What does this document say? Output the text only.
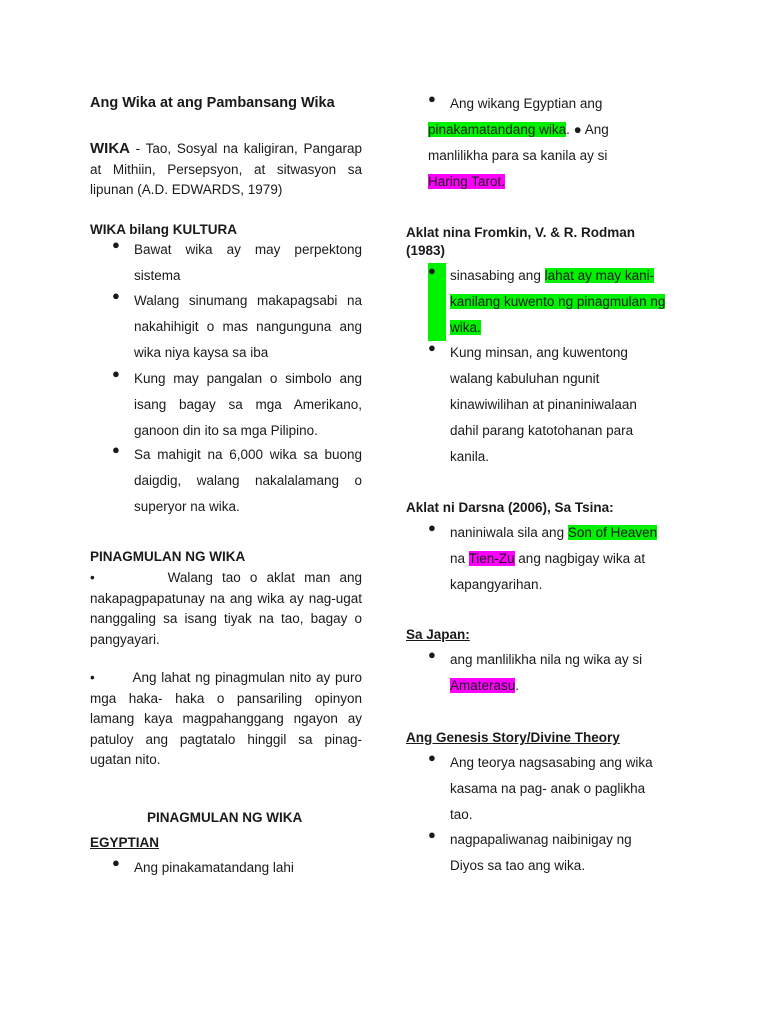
Ang Wika at ang Pambansang Wika
WIKA - Tao, Sosyal na kaligiran, Pangarap at Mithiin, Persepsyon, at sitwasyon sa lipunan (A.D. EDWARDS, 1979)
WIKA bilang KULTURA
●	Bawat wika ay may perpektong sistema
●	Walang sinumang makapagsabi na nakahihigit o mas nangunguna ang wika niya kaysa sa iba
●	Kung may pangalan o simbolo ang isang bagay sa mga Amerikano, ganoon din ito sa mga Pilipino.
●	Sa mahigit na 6,000 wika sa buong daigdig, walang nakalalamang o superyor na wika.
PINAGMULAN NG WIKA
•        Walang tao o aklat man ang nakapagpapatunay na ang wika ay nag-ugat nanggaling sa isang tiyak na tao, bagay o pangyayari.
•        Ang lahat ng pinagmulan nito ay puro mga haka- haka o pansariling opinyon lamang kaya magpahanggang ngayon ay patuloy ang pagtatalo hinggil sa pinag-ugatan nito.
PINAGMULAN NG WIKA
EGYPTIAN
●	Ang pinakamatandang lahi
●	Ang wikang Egyptian ang pinakamatandang wika. ● Ang manlilikha para sa kanila ay si Haring Tarot.
Aklat nina Fromkin, V. & R. Rodman (1983)
●	sinasabing ang lahat ay may kani-kanilang kuwento ng pinagmulan ng wika.
●	Kung minsan, ang kuwentong walang kabuluhan ngunit kinawiwilihan at pinaniniwalaan dahil parang katotohanan para kanila.
Aklat ni Darsna (2006), Sa Tsina:
●	naniniwala sila ang Son of Heaven na Tien-Zu ang nagbigay wika at kapangyarihan.
Sa Japan:
●	ang manlilikha nila ng wika ay si Amaterasu.
Ang Genesis Story/Divine Theory
●	Ang teorya nagsasabing ang wika kasama na pag- anak o paglikha tao.
●	nagpapaliwanag naibinigay ng Diyos sa tao ang wika.
